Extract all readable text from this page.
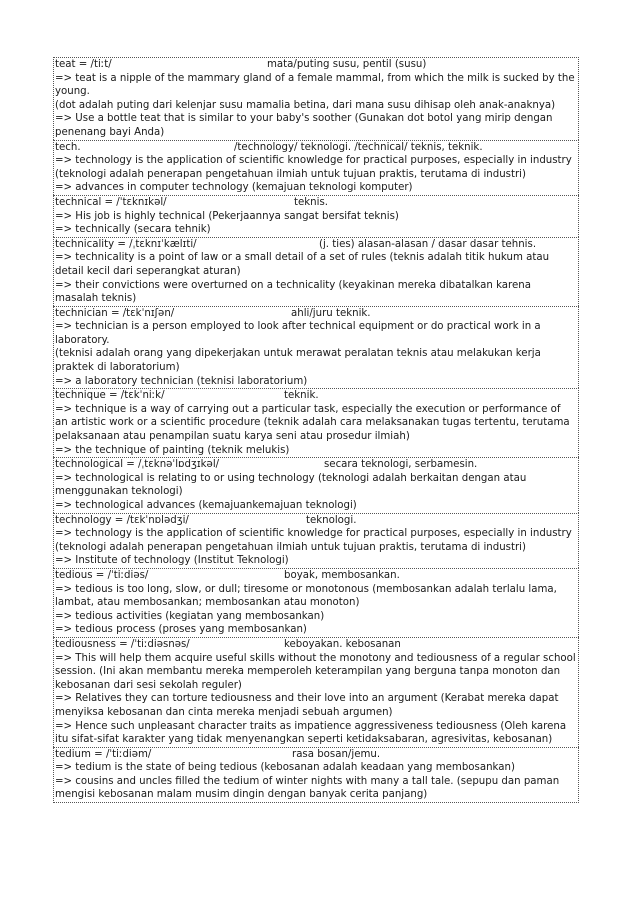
teat = /tiːt/	mata/puting susu, pentil (susu)
=> teat is a nipple of the mammary gland of a female mammal, from which the milk is sucked by the young.
(dot adalah puting dari kelenjar susu mamalia betina, dari mana susu dihisap oleh anak-anaknya)
=> Use a bottle teat that is similar to your baby's soother (Gunakan dot botol yang mirip dengan penenang bayi Anda)
tech.	/technology/ teknologi. /technical/ teknis, teknik.
=> technology is the application of scientific knowledge for practical purposes, especially in industry
(teknologi adalah penerapan pengetahuan ilmiah untuk tujuan praktis, terutama di industri)
=> advances in computer technology (kemajuan teknologi komputer)
technical = /ˈtɛknɪkəl/	teknis.
=> His job is highly technical (Pekerjaannya sangat bersifat teknis)
=> technically (secara tehnik)
technicality = /ˌtɛknɪˈkælɪti/	(j. ties) alasan-alasan / dasar dasar tehnis.
=> technicality is a point of law or a small detail of a set of rules (teknis adalah titik hukum atau detail kecil dari seperangkat aturan)
=> their convictions were overturned on a technicality (keyakinan mereka dibatalkan karena masalah teknis)
technician = /tɛkˈnɪʃən/	ahli/juru teknik.
=> technician is a person employed to look after technical equipment or do practical work in a laboratory.
(teknisi adalah orang yang dipekerjakan untuk merawat peralatan teknis atau melakukan kerja praktek di laboratorium)
=> a laboratory technician (teknisi laboratorium)
technique = /tɛkˈniːk/	teknik.
=> technique is a way of carrying out a particular task, especially the execution or performance of an artistic work or a scientific procedure (teknik adalah cara melaksanakan tugas tertentu, terutama pelaksanaan atau penampilan suatu karya seni atau prosedur ilmiah)
=> the technique of painting (teknik melukis)
technological = /ˌtɛknəˈlɒdʒɪkəl/	secara teknologi, serbamesin.
=> technological is relating to or using technology (teknologi adalah berkaitan dengan atau menggunakan teknologi)
=> technological advances (kemajuankemajuan teknologi)
technology = /tɛkˈnɒlədʒi/	teknologi.
=> technology is the application of scientific knowledge for practical purposes, especially in industry
(teknologi adalah penerapan pengetahuan ilmiah untuk tujuan praktis, terutama di industri)
=> Institute of technology (Institut Teknologi)
tedious = /ˈtiːdiəs/	boyak, membosankan.
=> tedious is too long, slow, or dull; tiresome or monotonous (membosankan adalah terlalu lama, lambat, atau membosankan; membosankan atau monoton)
=> tedious activities (kegiatan yang membosankan)
=> tedious process (proses yang membosankan)
tediousness = /ˈtiːdiəsnəs/	keboyakan. kebosanan
=> This will help them acquire useful skills without the monotony and tediousness of a regular school session. (Ini akan membantu mereka memperoleh keterampilan yang berguna tanpa monoton dan kebosanan dari sesi sekolah reguler)
=> Relatives they can torture tediousness and their love into an argument (Kerabat mereka dapat menyiksa kebosanan dan cinta mereka menjadi sebuah argumen)
=> Hence such unpleasant character traits as impatience aggressiveness tediousness (Oleh karena itu sifat-sifat karakter yang tidak menyenangkan seperti ketidaksabaran, agresivitas, kebosanan)
tedium = /ˈtiːdiəm/	rasa bosan/jemu.
=> tedium is the state of being tedious (kebosanan adalah keadaan yang membosankan)
=> cousins and uncles filled the tedium of winter nights with many a tall tale. (sepupu dan paman mengisi kebosanan malam musim dingin dengan banyak cerita panjang)
